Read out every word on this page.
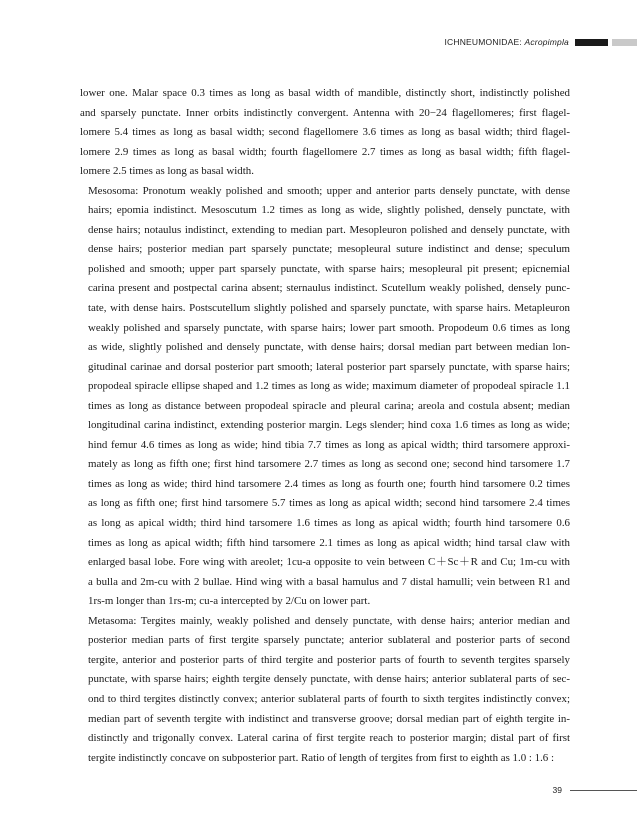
ICHNEUMONIDAE: Acropimpla

lower one. Malar space 0.3 times as long as basal width of mandible, distinctly short, indistinctly polished
and sparsely punctate. Inner orbits indistinctly convergent. Antenna with 20−24 flagellomeres; first flagel-
lomere 5.4 times as long as basal width; second flagellomere 3.6 times as long as basal width; third flagel-
lomere 2.9 times as long as basal width; fourth flagellomere 2.7 times as long as basal width; fifth flagel-
lomere 2.5 times as long as basal width.

Mesosoma: Pronotum weakly polished and smooth; upper and anterior parts densely punctate, with dense
hairs; epomia indistinct. Mesoscutum 1.2 times as long as wide, slightly polished, densely punctate, with
dense hairs; notaulus indistinct, extending to median part. Mesopleuron polished and densely punctate, with
dense hairs; posterior median part sparsely punctate; mesopleural suture indistinct and dense; speculum
polished and smooth; upper part sparsely punctate, with sparse hairs; mesopleural pit present; epicnemial
carina present and postpectal carina absent; sternaulus indistinct. Scutellum weakly polished, densely punc-
tate, with dense hairs. Postscutellum slightly polished and sparsely punctate, with sparse hairs. Metapleuron
weakly polished and sparsely punctate, with sparse hairs; lower part smooth. Propodeum 0.6 times as long
as wide, slightly polished and densely punctate, with dense hairs; dorsal median part between median lon-
gitudinal carinae and dorsal posterior part smooth; lateral posterior part sparsely punctate, with sparse hairs;
propodeal spiracle ellipse shaped and 1.2 times as long as wide; maximum diameter of propodeal spiracle 1.1
times as long as distance between propodeal spiracle and pleural carina; areola and costula absent; median
longitudinal carina indistinct, extending posterior margin. Legs slender; hind coxa 1.6 times as long as wide;
hind femur 4.6 times as long as wide; hind tibia 7.7 times as long as apical width; third tarsomere approxi-
mately as long as fifth one; first hind tarsomere 2.7 times as long as second one; second hind tarsomere 1.7
times as long as wide; third hind tarsomere 2.4 times as long as fourth one; fourth hind tarsomere 0.2 times
as long as fifth one; first hind tarsomere 5.7 times as long as apical width; second hind tarsomere 2.4 times
as long as apical width; third hind tarsomere 1.6 times as long as apical width; fourth hind tarsomere 0.6
times as long as apical width; fifth hind tarsomere 2.1 times as long as apical width; hind tarsal claw with
enlarged basal lobe. Fore wing with areolet; 1cu-a opposite to vein between C＋Sc＋R and Cu; 1m-cu with
a bulla and 2m-cu with 2 bullae. Hind wing with a basal hamulus and 7 distal hamulli; vein between R1 and
1rs-m longer than 1rs-m; cu-a intercepted by 2/Cu on lower part.

Metasoma: Tergites mainly, weakly polished and densely punctate, with dense hairs; anterior median and
posterior median parts of first tergite sparsely punctate; anterior sublateral and posterior parts of second
tergite, anterior and posterior parts of third tergite and posterior parts of fourth to seventh tergites sparsely
punctate, with sparse hairs; eighth tergite densely punctate, with dense hairs; anterior sublateral parts of sec-
ond to third tergites distinctly convex; anterior sublateral parts of fourth to sixth tergites indistinctly convex;
median part of seventh tergite with indistinct and transverse groove; dorsal median part of eighth tergite in-
distinctly and trigonally convex. Lateral carina of first tergite reach to posterior margin; distal part of first
tergite indistinctly concave on subposterior part. Ratio of length of tergites from first to eighth as 1.0 : 1.6 :

39
